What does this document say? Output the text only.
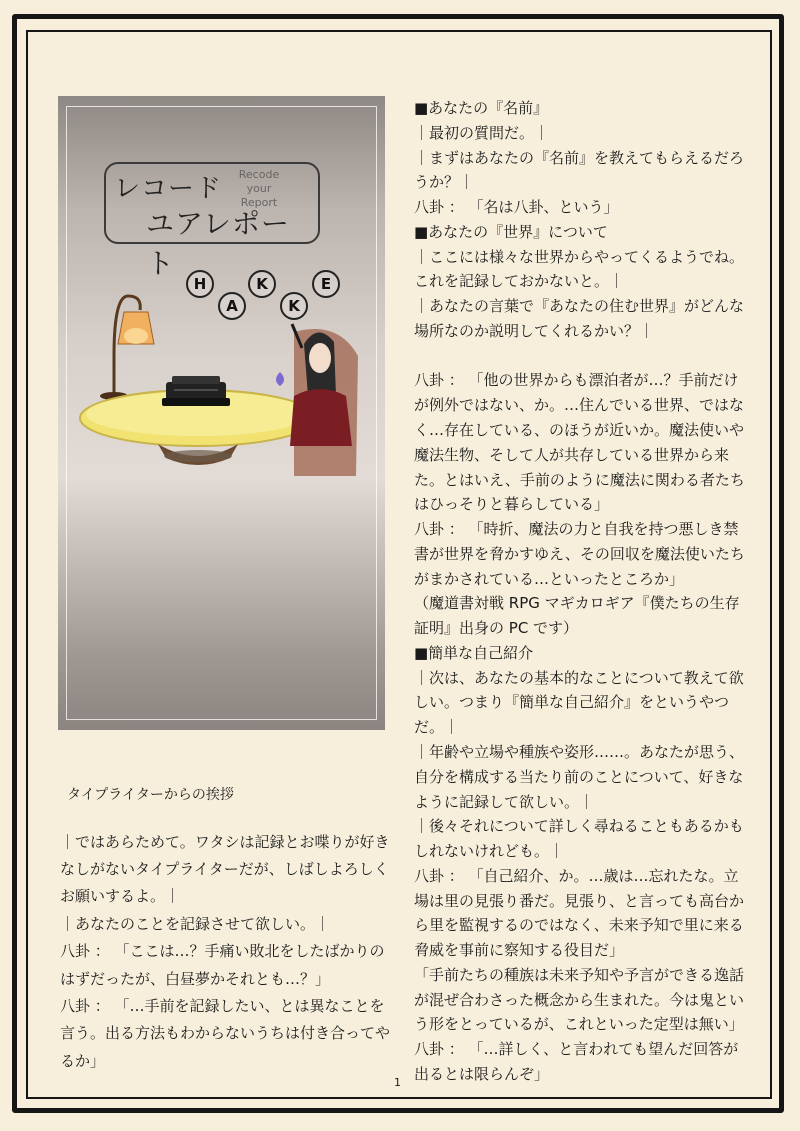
レコード
ユアレポート
Recode
your
Report
H
A
K
K
E
タイプライターからの挨拶
｜ではあらためて。ワタシは記録とお喋りが好き
なしがないタイプライターだが、しばしよろしく
お願いするよ。｜
｜あなたのことを記録させて欲しい。｜
八卦 ： 「ここは…？手痛い敗北をしたばかりの
はずだったが、白昼夢かそれとも…？」
八卦 ： 「…手前を記録したい、とは異なことを
言う。出る方法もわからないうちは付き合ってや
るか」
■あなたの『名前』
｜最初の質問だ。｜
｜まずはあなたの『名前』を教えてもらえるだろ
うか？｜
八卦 ： 「名は八卦、という」
■あなたの『世界』について
｜ここには様々な世界からやってくるようでね。
これを記録しておかないと。｜
｜あなたの言葉で『あなたの住む世界』がどんな
場所なのか説明してくれるかい？｜
八卦 ： 「他の世界からも漂泊者が…？手前だけ
が例外ではない、か。…住んでいる世界、ではな
く…存在している、のほうが近いか。魔法使いや
魔法生物、そして人が共存している世界から来
た。とはいえ、手前のように魔法に関わる者たち
はひっそりと暮らしている」
八卦 ： 「時折、魔法の力と自我を持つ悪しき禁
書が世界を脅かすゆえ、その回収を魔法使いたち
がまかされている…といったところか」
（魔道書対戦 RPG マギカロギア『僕たちの生存
証明』出身の PC です）
■簡単な自己紹介
｜次は、あなたの基本的なことについて教えて欲
しい。つまり『簡単な自己紹介』をというやつ
だ。｜
｜年齢や立場や種族や姿形……。あなたが思う、
自分を構成する当たり前のことについて、好きな
ように記録して欲しい。｜
｜後々それについて詳しく尋ねることもあるかも
しれないけれども。｜
八卦 ： 「自己紹介、か。…歳は…忘れたな。立
場は里の見張り番だ。見張り、と言っても高台か
ら里を監視するのではなく、未来予知で里に来る
脅威を事前に察知する役目だ」
「手前たちの種族は未来予知や予言ができる逸話
が混ぜ合わさった概念から生まれた。今は鬼とい
う形をとっているが、これといった定型は無い」
八卦 ： 「…詳しく、と言われても望んだ回答が
出るとは限らんぞ」
1
